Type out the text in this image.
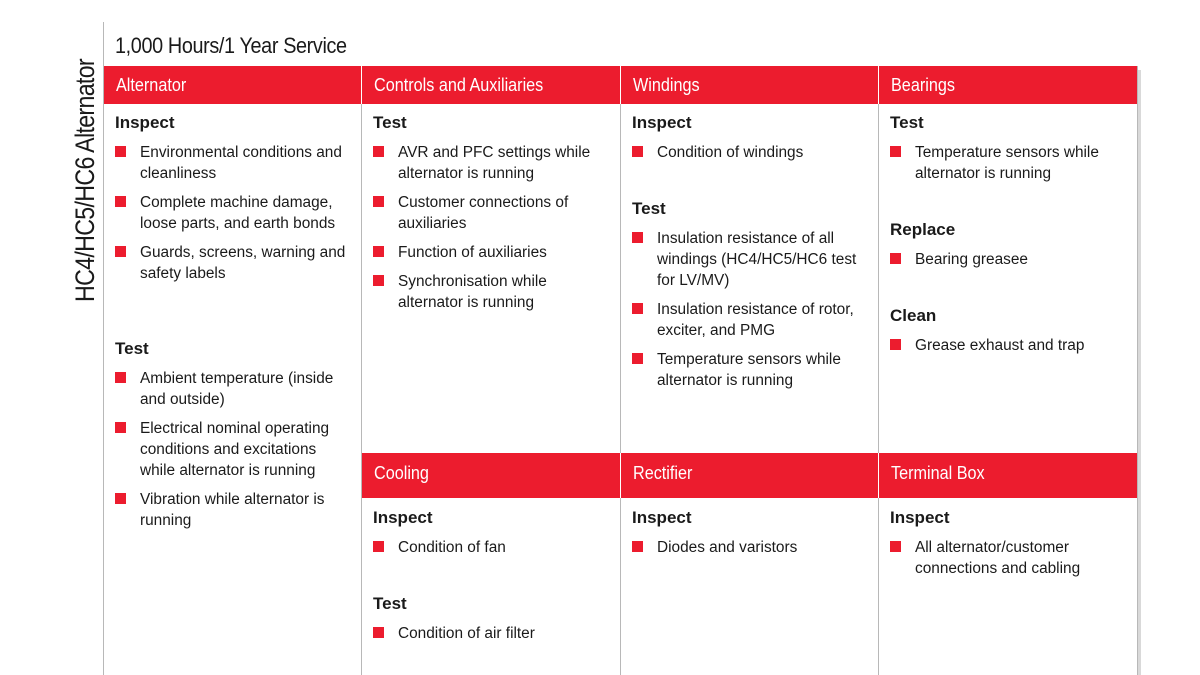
HC4/HC5/HC6 Alternator
1,000 Hours/1 Year Service
Alternator	Controls and Auxiliaries	Windings	Bearings
Cooling	Rectifier	Terminal Box
Inspect
Environmental conditions and cleanliness
Complete machine damage, loose parts, and earth bonds
Guards, screens, warning and safety labels
Test
Ambient temperature (inside and outside)
Electrical nominal operating conditions and excitations while alternator is running
Vibration while alternator is running
Test
AVR and PFC settings while alternator is running
Customer connections of auxiliaries
Function of auxiliaries
Synchronisation while alternator is running
Inspect
Condition of windings
Test
Insulation resistance of all windings (HC4/HC5/HC6 test for LV/MV)
Insulation resistance of rotor, exciter, and PMG
Temperature sensors while alternator is running
Test
Temperature sensors while alternator is running
Replace
Bearing greasee
Clean
Grease exhaust and trap
Inspect
Condition of fan
Test
Condition of air filter
Inspect
Diodes and varistors
Inspect
All alternator/customer connections and cabling
